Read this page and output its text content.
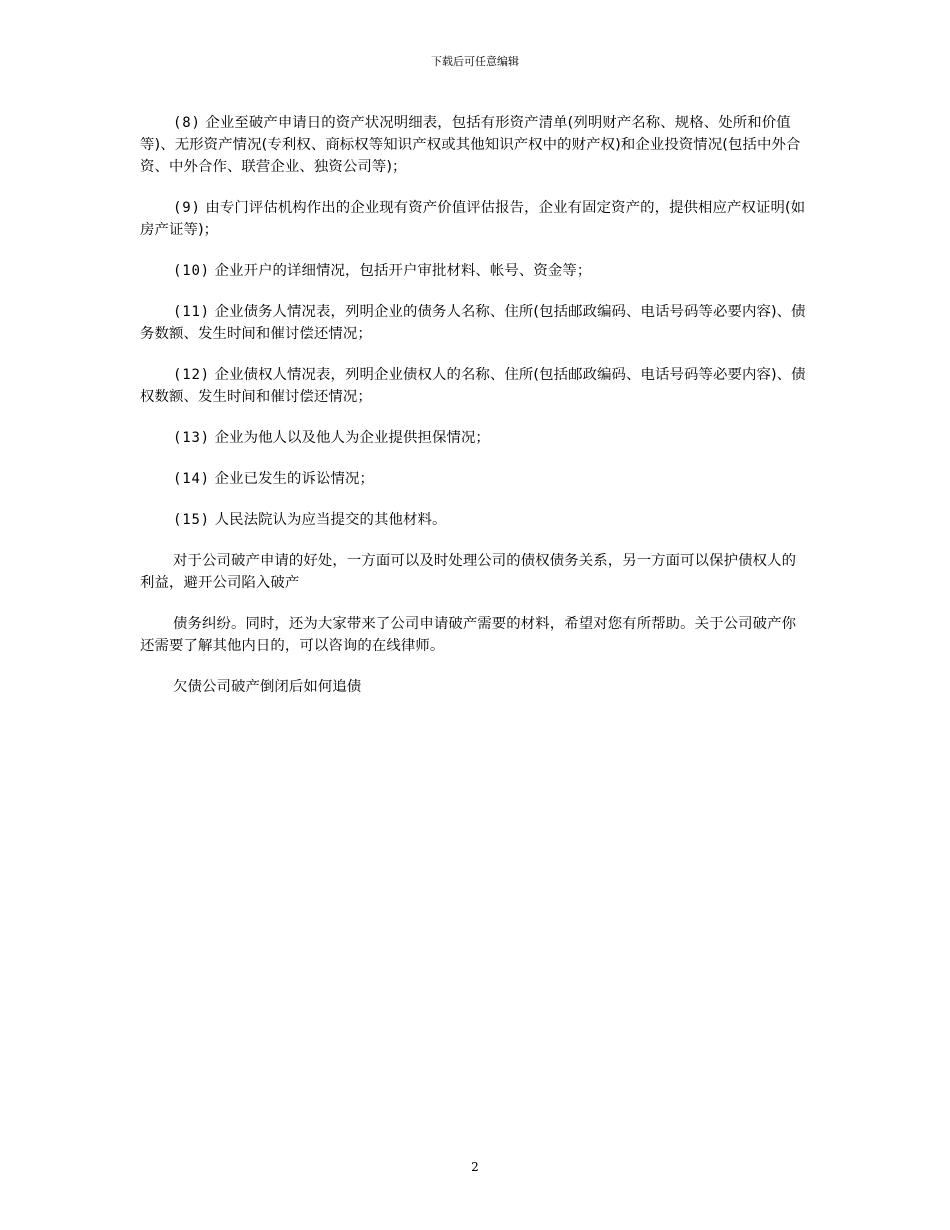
下载后可任意编辑

(8) 企业至破产申请日的资产状况明细表，包括有形资产清单(列明财产名称、规格、处所和价值等)、无形资产情况(专利权、商标权等知识产权或其他知识产权中的财产权)和企业投资情况(包括中外合资、中外合作、联营企业、独资公司等)；

(9) 由专门评估机构作出的企业现有资产价值评估报告，企业有固定资产的，提供相应产权证明(如房产证等)；

(10) 企业开户的详细情况，包括开户审批材料、帐号、资金等；

(11) 企业债务人情况表，列明企业的债务人名称、住所(包括邮政编码、电话号码等必要内容)、债务数额、发生时间和催讨偿还情况；

(12) 企业债权人情况表，列明企业债权人的名称、住所(包括邮政编码、电话号码等必要内容)、债权数额、发生时间和催讨偿还情况；

(13) 企业为他人以及他人为企业提供担保情况；

(14) 企业已发生的诉讼情况；

(15) 人民法院认为应当提交的其他材料。

对于公司破产申请的好处，一方面可以及时处理公司的债权债务关系，另一方面可以保护债权人的利益，避开公司陷入破产

债务纠纷。同时，还为大家带来了公司申请破产需要的材料，希望对您有所帮助。关于公司破产你还需要了解其他内日的，可以咨询的在线律师。

欠债公司破产倒闭后如何追债

2
